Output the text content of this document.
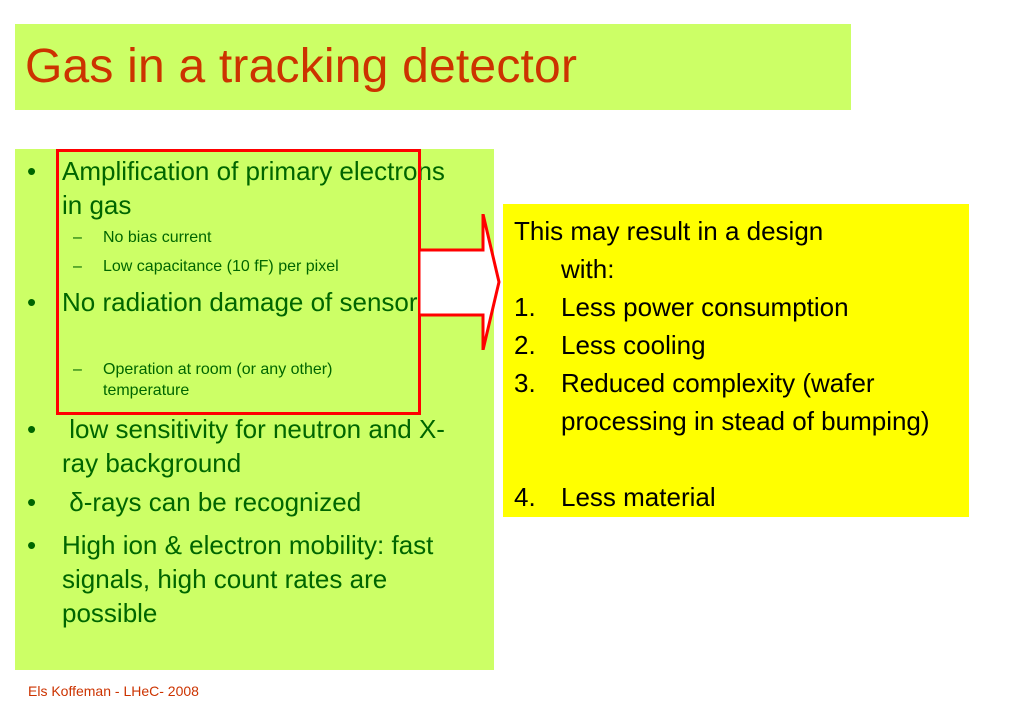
Gas in a tracking detector
• Amplification of primary electrons in gas
– No bias current
– Low capacitance (10 fF) per pixel
• No radiation damage of sensor
– Operation at room (or any other) temperature
• low sensitivity for neutron and X-ray background
• δ-rays can be recognized
• High ion & electron mobility: fast signals, high count rates are possible

This may result in a design
with:

1. Less power consumption
2. Less cooling
3. Reduced complexity (wafer processing in stead of bumping)
4. Less material
Els Koffeman - LHeC- 2008
